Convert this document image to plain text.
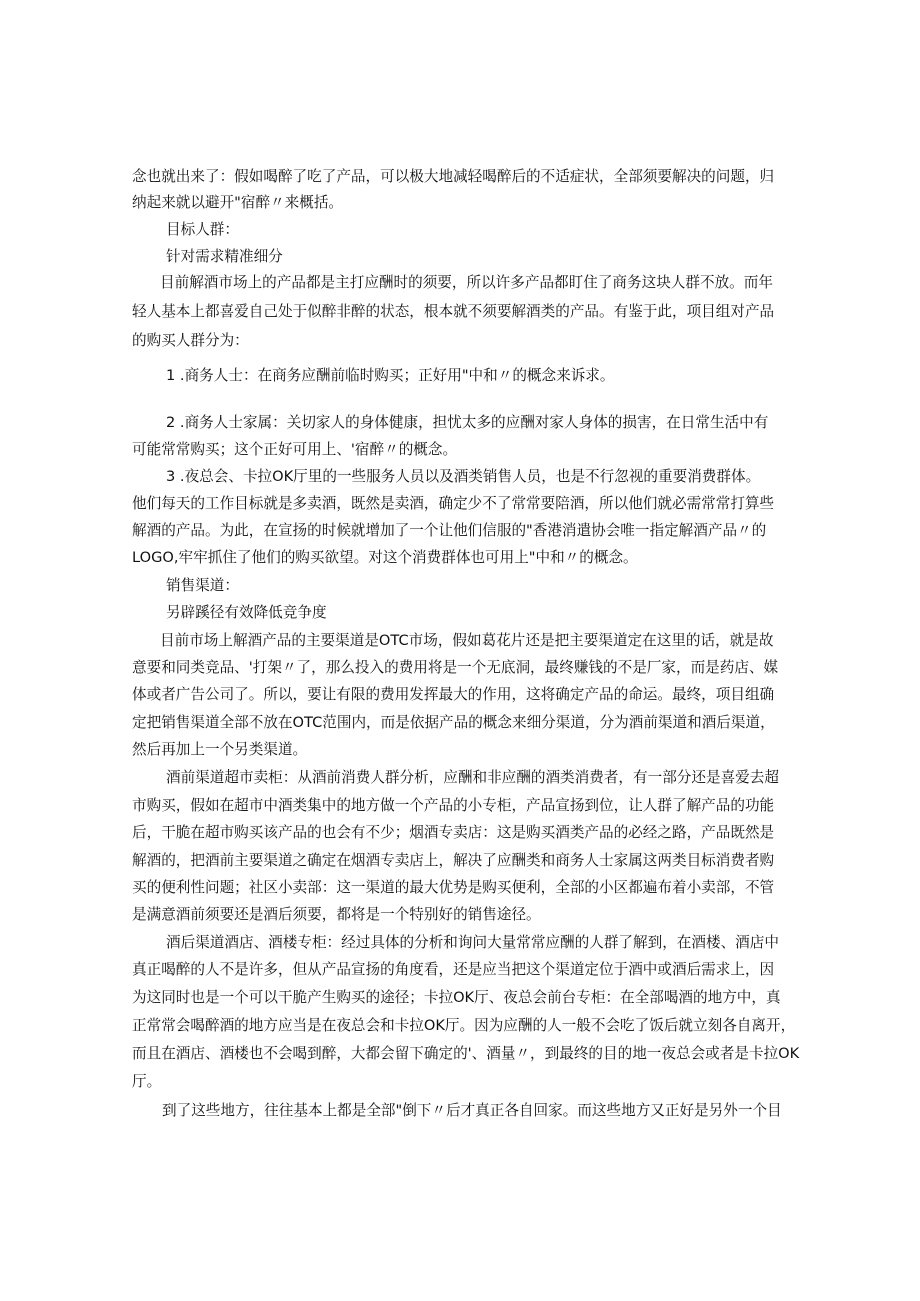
念也就出来了：假如喝醉了吃了产品，可以极大地减轻喝醉后的不适症状，全部须要解决的问题，归
纳起来就以避开"宿醉〃来概括。
目标人群：
针对需求精准细分
目前解酒市场上的产品都是主打应酬时的须要，所以许多产品都盯住了商务这块人群不放。而年
轻人基本上都喜爱自己处于似醉非醉的状态，根本就不须要解酒类的产品。有鉴于此，项目组对产品
的购买人群分为：
1 .商务人士：在商务应酬前临时购买；正好用"中和〃的概念来诉求。
2 .商务人士家属：关切家人的身体健康，担忧太多的应酬对家人身体的损害，在日常生活中有
可能常常购买；这个正好可用上、'宿醉〃的概念。
3 .夜总会、卡拉OK厅里的一些服务人员以及酒类销售人员，也是不行忽视的重要消费群体。
他们每天的工作目标就是多卖酒，既然是卖酒，确定少不了常常要陪酒，所以他们就必需常常打算些
解酒的产品。为此，在宣扬的时候就增加了一个让他们信服的"香港消遣协会唯一指定解酒产品〃的
LOGO,牢牢抓住了他们的购买欲望。对这个消费群体也可用上"中和〃的概念。
销售渠道：
另辟蹊径有效降低竞争度
目前市场上解酒产品的主要渠道是OTC市场，假如葛花片还是把主要渠道定在这里的话，就是故
意要和同类竞品、'打架〃了，那么投入的费用将是一个无底洞，最终赚钱的不是厂家，而是药店、媒
体或者广告公司了。所以，要让有限的费用发挥最大的作用，这将确定产品的命运。最终，项目组确
定把销售渠道全部不放在OTC范围内，而是依据产品的概念来细分渠道，分为酒前渠道和酒后渠道，
然后再加上一个另类渠道。
酒前渠道超市卖柜：从酒前消费人群分析，应酬和非应酬的酒类消费者，有一部分还是喜爱去超
市购买，假如在超市中酒类集中的地方做一个产品的小专柜，产品宣扬到位，让人群了解产品的功能
后，干脆在超市购买该产品的也会有不少；烟酒专卖店：这是购买酒类产品的必经之路，产品既然是
解酒的，把酒前主要渠道之确定在烟酒专卖店上，解决了应酬类和商务人士家属这两类目标消费者购
买的便利性问题；社区小卖部：这一渠道的最大优势是购买便利，全部的小区都遍布着小卖部，不管
是满意酒前须要还是酒后须要，都将是一个特别好的销售途径。
酒后渠道酒店、酒楼专柜：经过具体的分析和询问大量常常应酬的人群了解到，在酒楼、酒店中
真正喝醉的人不是许多，但从产品宣扬的角度看，还是应当把这个渠道定位于酒中或酒后需求上，因
为这同时也是一个可以干脆产生购买的途径；卡拉OK厅、夜总会前台专柜：在全部喝酒的地方中，真
正常常会喝醉酒的地方应当是在夜总会和卡拉OK厅。因为应酬的人一般不会吃了饭后就立刻各自离开，
而且在酒店、酒楼也不会喝到醉，大都会留下确定的'、酒量〃，到最终的目的地一夜总会或者是卡拉OK
厅。
到了这些地方，往往基本上都是全部"倒下〃后才真正各自回家。而这些地方又正好是另外一个目
